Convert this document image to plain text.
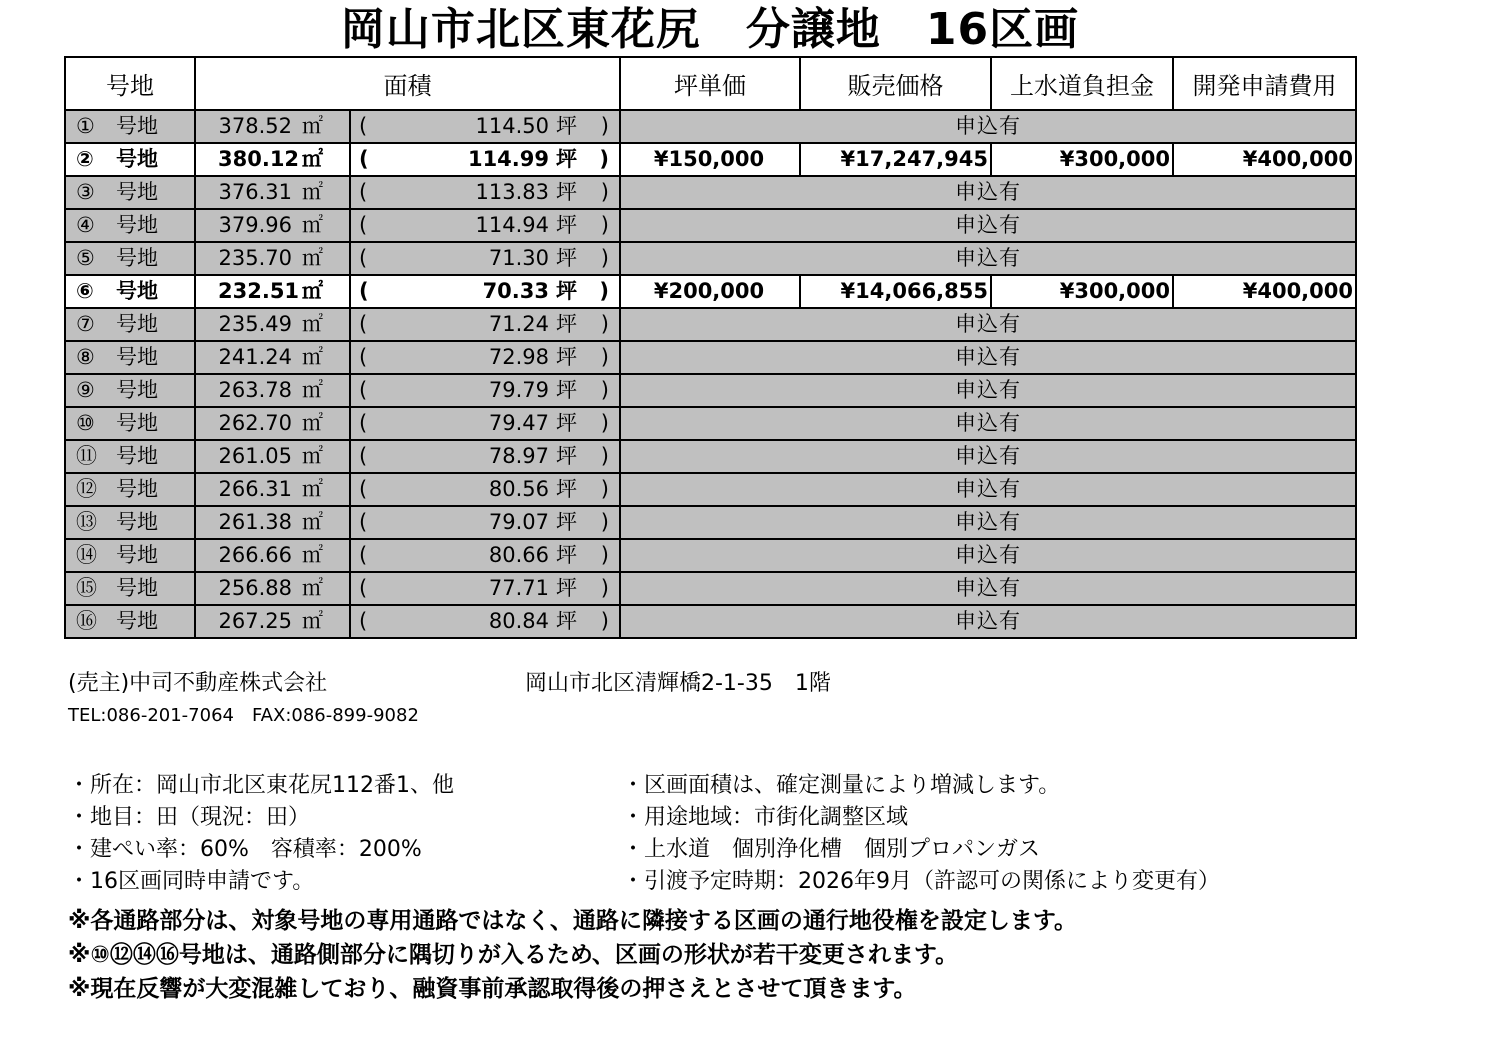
岡山市北区東花尻　分譲地　16区画
号地	面積		坪単価	販売価格	上水道負担金	開発申請費用
① 号地	378.52 ㎡	( 114.50 坪 )	申込有			
② 号地	380.12 ㎡	( 114.99 坪 )	¥150,000	¥17,247,945	¥300,000	¥400,000
③ 号地	376.31 ㎡	( 113.83 坪 )	申込有			
④ 号地	379.96 ㎡	( 114.94 坪 )	申込有			
⑤ 号地	235.70 ㎡	( 71.30 坪 )	申込有			
⑥ 号地	232.51 ㎡	( 70.33 坪 )	¥200,000	¥14,066,855	¥300,000	¥400,000
⑦ 号地	235.49 ㎡	( 71.24 坪 )	申込有			
⑧ 号地	241.24 ㎡	( 72.98 坪 )	申込有			
⑨ 号地	263.78 ㎡	( 79.79 坪 )	申込有			
⑩ 号地	262.70 ㎡	( 79.47 坪 )	申込有			
⑪ 号地	261.05 ㎡	( 78.97 坪 )	申込有			
⑫ 号地	266.31 ㎡	( 80.56 坪 )	申込有			
⑬ 号地	261.38 ㎡	( 79.07 坪 )	申込有			
⑭ 号地	266.66 ㎡	( 80.66 坪 )	申込有			
⑮ 号地	256.88 ㎡	( 77.71 坪 )	申込有			
⑯ 号地	267.25 ㎡	( 80.84 坪 )	申込有			
(売主)中司不動産株式会社	岡山市北区清輝橋2-1-35　1階
TEL:086-201-7064　FAX:086-899-9082
・所在：岡山市北区東花尻112番1、他
・地目：田（現況：田）
・建ぺい率：60%　容積率：200%
・16区画同時申請です。
・区画面積は、確定測量により増減します。
・用途地域：市街化調整区域
・上水道　個別浄化槽　個別プロパンガス
・引渡予定時期：2026年9月（許認可の関係により変更有）
※各通路部分は、対象号地の専用通路ではなく、通路に隣接する区画の通行地役権を設定します。
※⑩⑫⑭⑯号地は、通路側部分に隅切りが入るため、区画の形状が若干変更されます。
※現在反響が大変混雑しており、融資事前承認取得後の押さえとさせて頂きます。
